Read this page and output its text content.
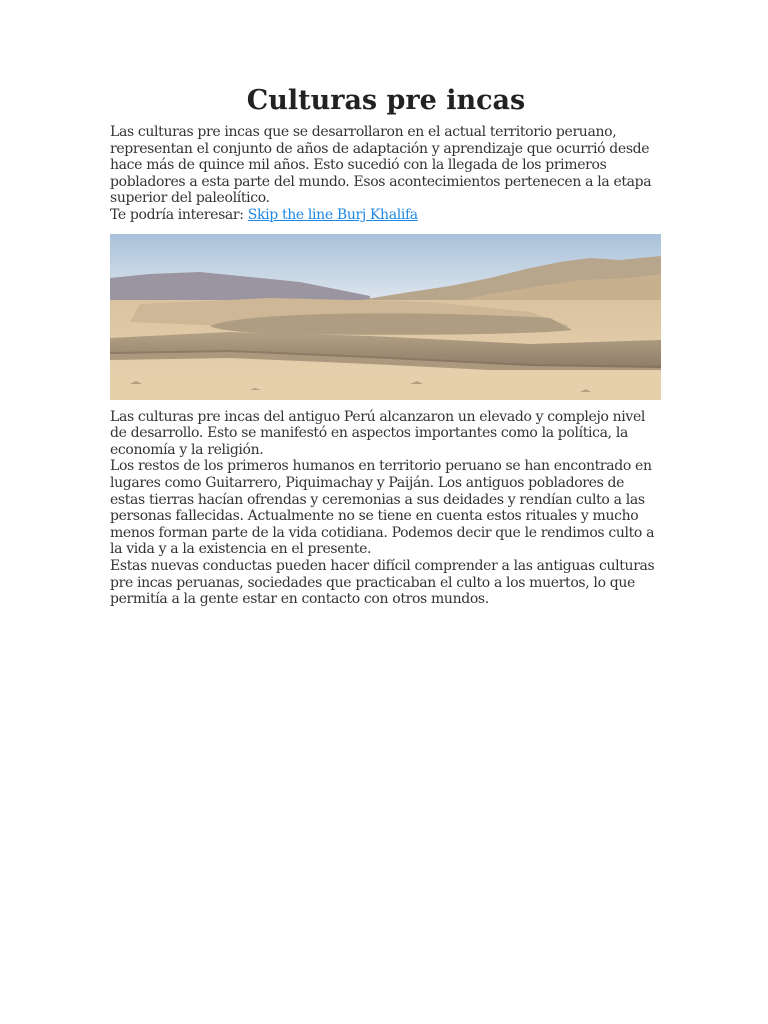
Culturas pre incas

Las culturas pre incas que se desarrollaron en el actual territorio peruano, representan el conjunto de años de adaptación y aprendizaje que ocurrió desde hace más de quince mil años. Esto sucedió con la llegada de los primeros pobladores a esta parte del mundo. Esos acontecimientos pertenecen a la etapa superior del paleolítico.

Te podría interesar: Skip the line Burj Khalifa

Las culturas pre incas del antiguo Perú alcanzaron un elevado y complejo nivel de desarrollo. Esto se manifestó en aspectos importantes como la política, la economía y la religión.

Los restos de los primeros humanos en territorio peruano se han encontrado en lugares como Guitarrero, Piquimachay y Paiján. Los antiguos pobladores de estas tierras hacían ofrendas y ceremonias a sus deidades y rendían culto a las personas fallecidas. Actualmente no se tiene en cuenta estos rituales y mucho menos forman parte de la vida cotidiana. Podemos decir que le rendimos culto a la vida y a la existencia en el presente.

Estas nuevas conductas pueden hacer difícil comprender a las antiguas culturas pre incas peruanas, sociedades que practicaban el culto a los muertos, lo que permitía a la gente estar en contacto con otros mundos.
